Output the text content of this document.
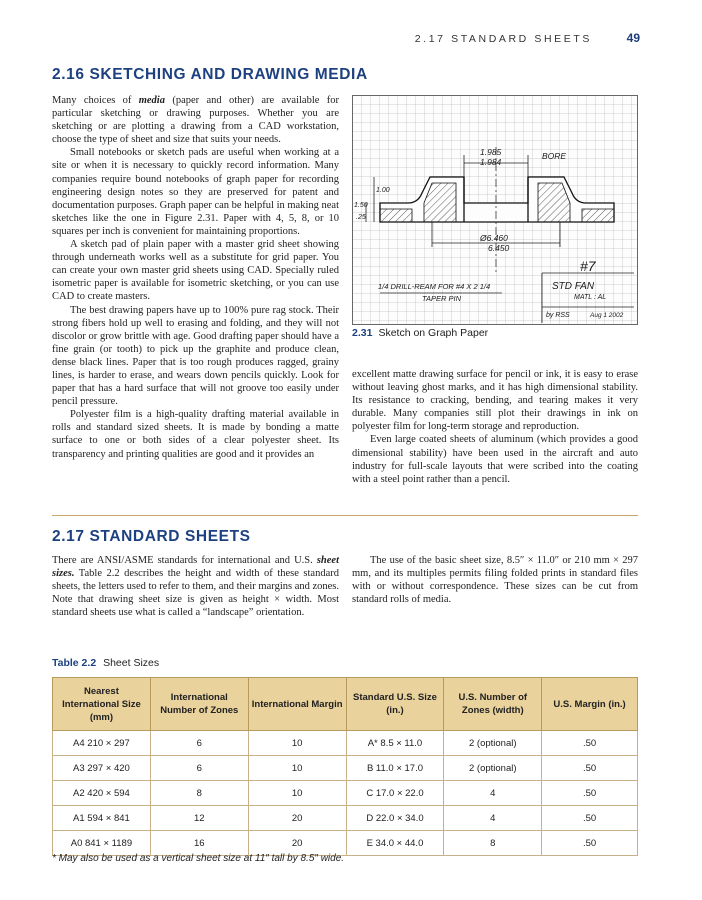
2.17 STANDARD SHEETS	49
2.16 SKETCHING AND DRAWING MEDIA

Many choices of media (paper and other) are available for particular sketching or drawing purposes. Whether you are sketching or are plotting a drawing from a CAD workstation, choose the type of sheet and size that suits your needs.

Small notebooks or sketch pads are useful when working at a site or when it is necessary to quickly record information. Many companies require bound notebooks of graph paper for recording engineering design notes so they are preserved for patent and documentation purposes. Graph paper can be helpful in making neat sketches like the one in Figure 2.31. Paper with 4, 5, 8, or 10 squares per inch is convenient for maintaining proportions.

A sketch pad of plain paper with a master grid sheet showing through underneath works well as a substitute for grid paper. You can create your own master grid sheets using CAD. Specially ruled isometric paper is available for isometric sketching, or you can use CAD to create masters.

The best drawing papers have up to 100% pure rag stock. Their strong fibers hold up well to erasing and folding, and they will not discolor or grow brittle with age. Good drafting paper should have a fine grain (or tooth) to pick up the graphite and produce clean, dense black lines. Paper that is too rough produces ragged, grainy lines, is harder to erase, and wears down pencils quickly. Look for paper that has a hard surface that will not groove too easily under pencil pressure.

Polyester film is a high-quality drafting material available in rolls and standard sized sheets. It is made by bonding a matte surface to one or both sides of a clear polyester sheet. Its transparency and printing qualities are good and it provides an

1.985
1.984
BORE
1.00
1.50
.25
Ø6.460
6.450
1/4 DRILL-REAM FOR #4 X 2 1/4
TAPER PIN
#7
STD FAN
MATL : AL
by RSS	Aug 1 2002
2.31 Sketch on Graph Paper

excellent matte drawing surface for pencil or ink, it is easy to erase without leaving ghost marks, and it has high dimensional stability. Its resistance to cracking, bending, and tearing makes it very durable. Many companies still plot their drawings in ink on polyester film for long-term storage and reproduction.

Even large coated sheets of aluminum (which provides a good dimensional stability) have been used in the aircraft and auto industry for full-scale layouts that were scribed into the coating with a steel point rather than a pencil.

2.17 STANDARD SHEETS

There are ANSI/ASME standards for international and U.S. sheet sizes. Table 2.2 describes the height and width of these standard sheets, the letters used to refer to them, and their margins and zones. Note that drawing sheet size is given as height × width. Most standard sheets use what is called a “landscape” orientation.

The use of the basic sheet size, 8.5″ × 11.0″ or 210 mm × 297 mm, and its multiples permits filing folded prints in standard files with or without correspondence. These sizes can be cut from standard rolls of media.

Table 2.2 Sheet Sizes
Nearest International Size (mm)	International Number of Zones	International Margin	Standard U.S. Size (in.)	U.S. Number of Zones (width)	U.S. Margin (in.)
A4 210 × 297	6	10	A* 8.5 × 11.0	2 (optional)	.50
A3 297 × 420	6	10	B 11.0 × 17.0	2 (optional)	.50
A2 420 × 594	8	10	C 17.0 × 22.0	4	.50
A1 594 × 841	12	20	D 22.0 × 34.0	4	.50
A0 841 × 1189	16	20	E 34.0 × 44.0	8	.50
* May also be used as a vertical sheet size at 11″ tall by 8.5″ wide.
